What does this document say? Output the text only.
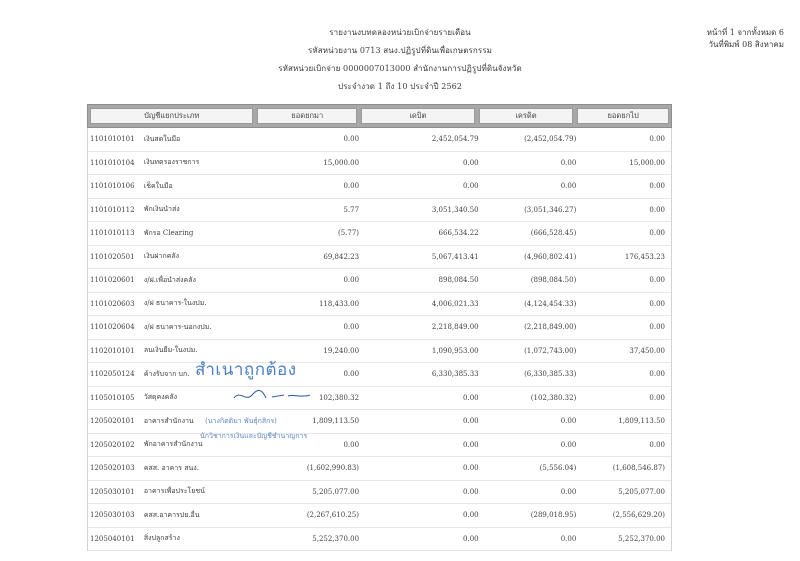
รายงานงบทดลองหน่วยเบิกจ่ายรายเดือน
รหัสหน่วยงาน 0713 สนง.ปฏิรูปที่ดินเพื่อเกษตรกรรม
รหัสหน่วยเบิกจ่าย 0000007013000 สำนักงานการปฏิรูปที่ดินจังหวัด
ประจำงวด 1 ถึง 10 ประจำปี 2562
หน้าที่ 1 จากทั้งหมด 6
วันที่พิมพ์ 08 สิงหาคม
บัญชีแยกประเภท	ยอดยกมา	เดบิต	เครดิต	ยอดยกไป
1101010101	เงินสดในมือ	0.00	2,452,054.79	(2,452,054.79)	0.00
1101010104	เงินทดรองราชการ	15,000.00	0.00	0.00	15,000.00
1101010106	เช็คในมือ	0.00	0.00	0.00	0.00
1101010112	พักเงินนำส่ง	5.77	3,051,340.50	(3,051,346.27)	0.00
1101010113	พักรอ Clearing	(5.77)	666,534.22	(666,528.45)	0.00
1101020501	เงินฝากคลัง	69,842.23	5,067,413.41	(4,960,802.41)	176,453.23
1101020601	ง/ฝ.เพื่อนำส่งคลัง	0.00	898,084.50	(898,084.50)	0.00
1101020603	ง/ฝ ธนาคาร-ในงปม.	118,433.00	4,006,021.33	(4,124,454.33)	0.00
1101020604	ง/ฝ ธนาคาร-นอกงปม.	0.00	2,218,849.00	(2,218,849.00)	0.00
1102010101	ลนเงินยืม-ในงปม.	19,240.00	1,090,953.00	(1,072,743.00)	37,450.00
1102050124	ค้างรับจาก บก.	0.00	6,330,385.33	(6,330,385.33)	0.00
1105010105	วัสดุคงคลัง	102,380.32	0.00	(102,380.32)	0.00
1205020101	อาคารสำนักงาน	1,809,113.50	0.00	0.00	1,809,113.50
1205020102	พักอาคารสำนักงาน	0.00	0.00	0.00	0.00
1205020103	คสส. อาคาร สนง.	(1,602,990.83)	0.00	(5,556.04)	(1,608,546.87)
1205030101	อาคารเพื่อประโยชน์	5,205,077.00	0.00	0.00	5,205,077.00
1205030103	คสส.อาคารปย.อื่น	(2,267,610.25)	0.00	(289,018.95)	(2,556,629.20)
1205040101	สิ่งปลูกสร้าง	5,252,370.00	0.00	0.00	5,252,370.00
สำเนาถูกต้อง
(นางกิตติมา พันธุ์กสิกร)
นักวิชาการเงินและบัญชีชำนาญการ
